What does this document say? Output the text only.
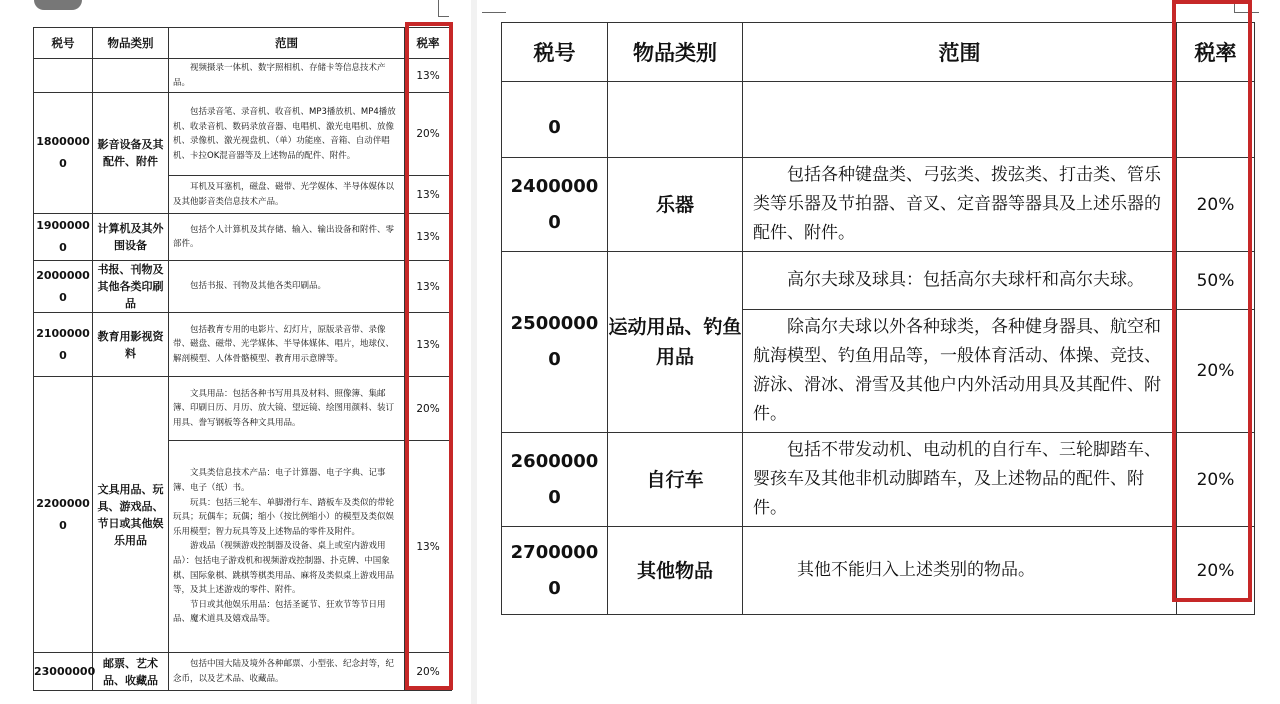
税号	物品类别	范围	税率

		视频摄录一体机、数字照相机、存储卡等信息技术产品。	13%
18000000	影音设备及其配件、附件	包括录音笔、录音机、收音机、MP3播放机、MP4播放机、收录音机、数码录放音器、电唱机、激光电唱机、放像机、录像机、激光视盘机、（单）功能座、音箱、自动伴唱机、卡拉OK混音器等及上述物品的配件、附件。	20%

		耳机及耳塞机，磁盘、磁带、光学媒体、半导体媒体以及其他影音类信息技术产品。	13%
19000000	计算机及其外围设备	包括个人计算机及其存储、输入、输出设备和附件、零部件。	13%
20000000	书报、刊物及其他各类印刷品	包括书报、刊物及其他各类印刷品。	13%
21000000	教育用影视资料	包括教育专用的电影片、幻灯片，原版录音带、录像带、磁盘、磁带、光学媒体、半导体媒体、唱片，地球仪、解剖模型、人体骨骼模型、教育用示意牌等。	13%
22000000	文具用品、玩具、游戏品、节日或其他娱乐用品	文具用品：包括各种书写用具及材料、照像簿、集邮簿、印刷日历、月历、放大镜、望远镜、绘图用颜料、装订用具、誊写钢板等各种文具用品。	20%

		文具类信息技术产品：电子计算器、电子字典、记事簿、电子（纸）书。

玩具：包括三轮车、单脚滑行车、踏板车及类似的带轮玩具；玩偶车；玩偶；缩小（按比例缩小）的模型及类似娱乐用模型；智力玩具等及上述物品的零件及附件。

游戏品（视频游戏控制器及设备、桌上或室内游戏用品）：包括电子游戏机和视频游戏控制器、扑克牌、中国象棋、国际象棋、跳棋等棋类用品、麻将及类似桌上游戏用品等，及其上述游戏的零件、附件。

节日或其他娱乐用品：包括圣诞节、狂欢节等节日用品、魔术道具及嬉戏品等。	13%
23000000	邮票、艺术品、收藏品	包括中国大陆及境外各种邮票、小型张、纪念封等，纪念币，以及艺术品、收藏品。	20%
税号	物品类别	范围	税率
0			
24000000	乐器	包括各种键盘类、弓弦类、拨弦类、打击类、管乐类等乐器及节拍器、音叉、定音器等器具及上述乐器的配件、附件。	20%
25000000	运动用品、钓鱼用品	高尔夫球及球具：包括高尔夫球杆和高尔夫球。	50%

		除高尔夫球以外各种球类，各种健身器具、航空和航海模型、钓鱼用品等，一般体育活动、体操、竞技、游泳、滑冰、滑雪及其他户内外活动用具及其配件、附件。	20%
26000000	自行车	包括不带发动机、电动机的自行车、三轮脚踏车、婴孩车及其他非机动脚踏车，及上述物品的配件、附件。	20%
27000000	其他物品	其他不能归入上述类别的物品。	20%
